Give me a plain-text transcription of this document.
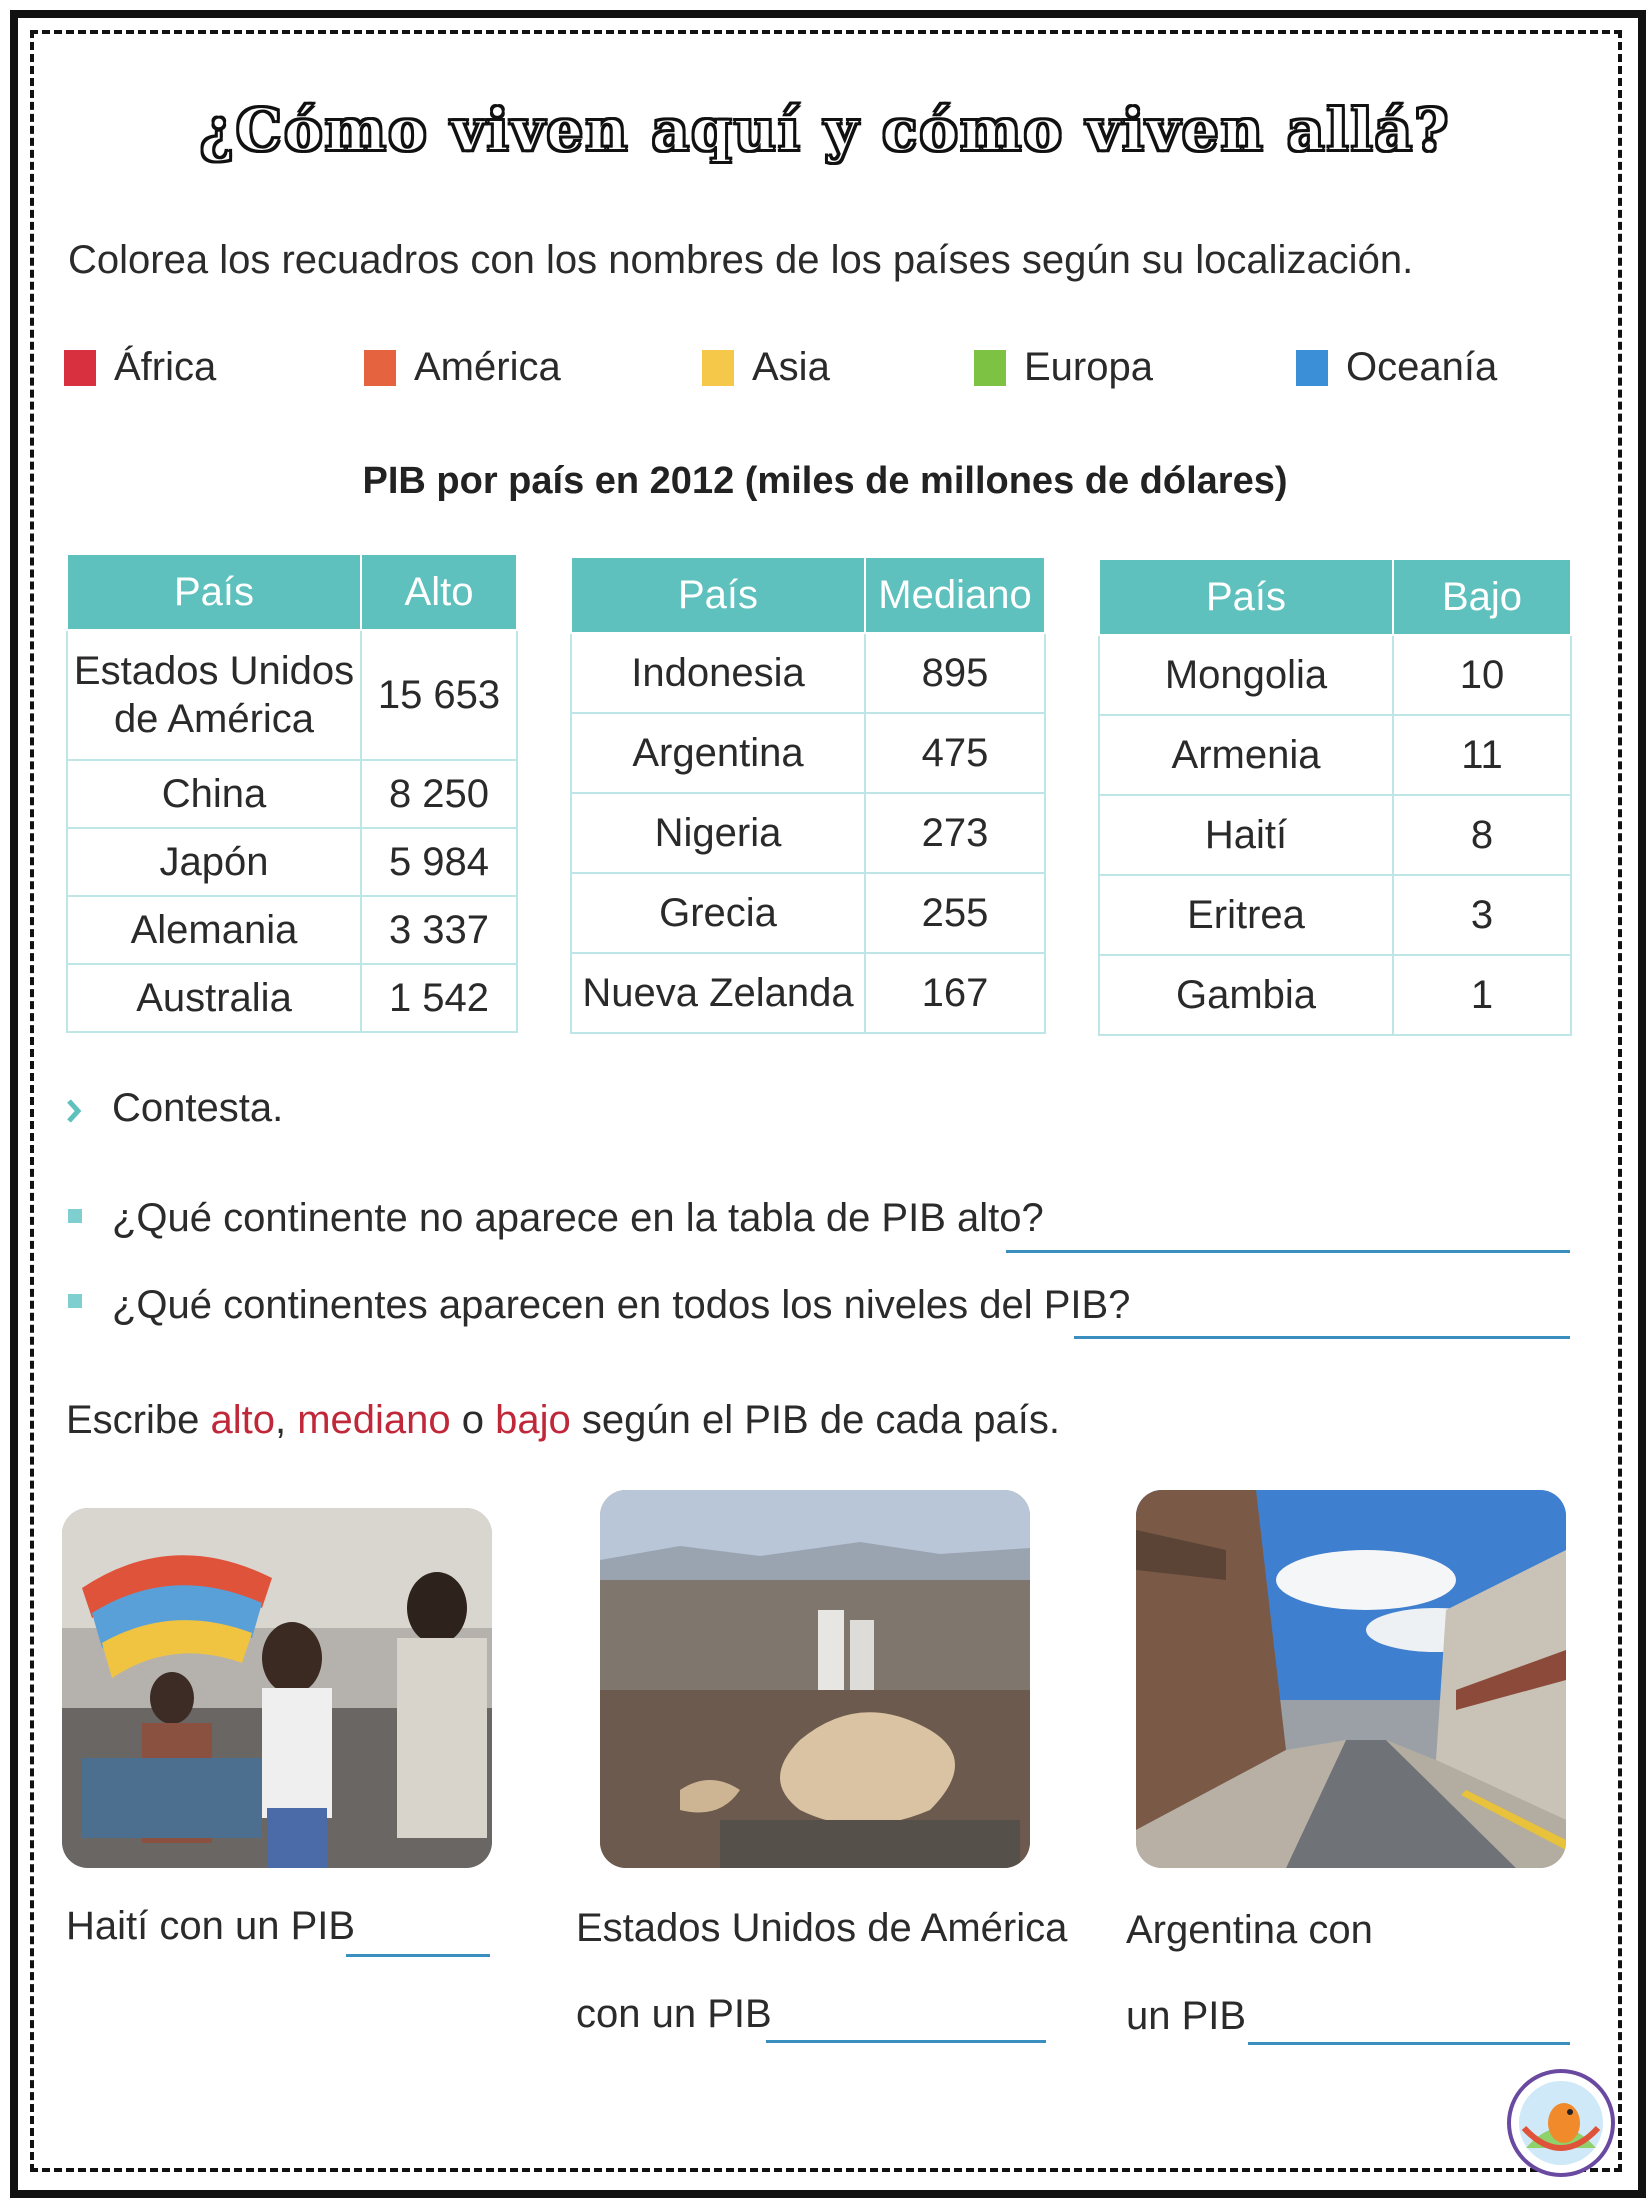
¿Cómo viven aquí y cómo viven allá?
Colorea los recuadros con los nombres de los países según su localización.
África	América	Asia	Europa	Oceanía
PIB por país en 2012 (miles de millones de dólares)
País	Alto
Estados Unidos de América	15 653
China	8 250
Japón	5 984
Alemania	3 337
Australia	1 542
País	Mediano
Indonesia	895
Argentina	475
Nigeria	273
Grecia	255
Nueva Zelanda	167
País	Bajo
Mongolia	10
Armenia	11
Haití	8
Eritrea	3
Gambia	1
Contesta.
¿Qué continente no aparece en la tabla de PIB alto?
¿Qué continentes aparecen en todos los niveles del PIB?
Escribe alto, mediano o bajo según el PIB de cada país.
Haití con un PIB	Estados Unidos de América
con un PIB
Argentina con
un PIB
